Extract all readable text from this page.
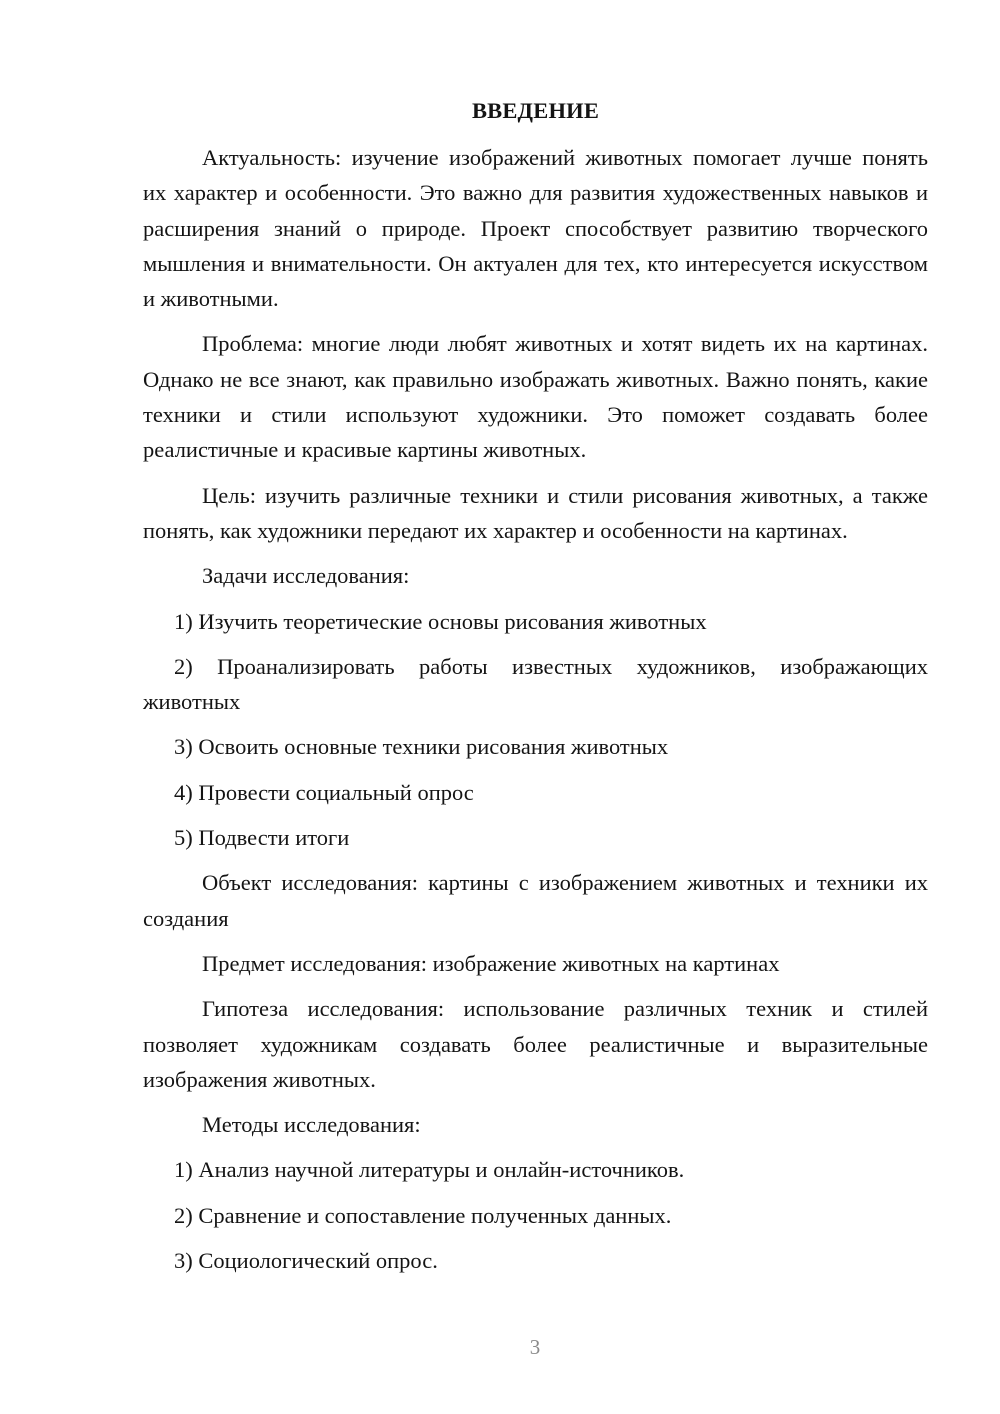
ВВЕДЕНИЕ

Актуальность: изучение изображений животных помогает лучше понять их характер и особенности. Это важно для развития художественных навыков и расширения знаний о природе. Проект способствует развитию творческого мышления и внимательности. Он актуален для тех, кто интересуется искусством и животными.

Проблема: многие люди любят животных и хотят видеть их на картинах. Однако не все знают, как правильно изображать животных. Важно понять, какие техники и стили используют художники. Это поможет создавать более реалистичные и красивые картины животных.

Цель: изучить различные техники и стили рисования животных, а также понять, как художники передают их характер и особенности на картинах.

Задачи исследования:

1) Изучить теоретические основы рисования животных

2) Проанализировать работы известных художников, изображающих животных

3) Освоить основные техники рисования животных

4) Провести социальный опрос

5) Подвести итоги

Объект исследования: картины с изображением животных и техники их создания

Предмет исследования: изображение животных на картинах

Гипотеза исследования: использование различных техник и стилей позволяет художникам создавать более реалистичные и выразительные изображения животных.

Методы исследования:

1) Анализ научной литературы и онлайн-источников.

2) Сравнение и сопоставление полученных данных.

3) Социологический опрос.

3
